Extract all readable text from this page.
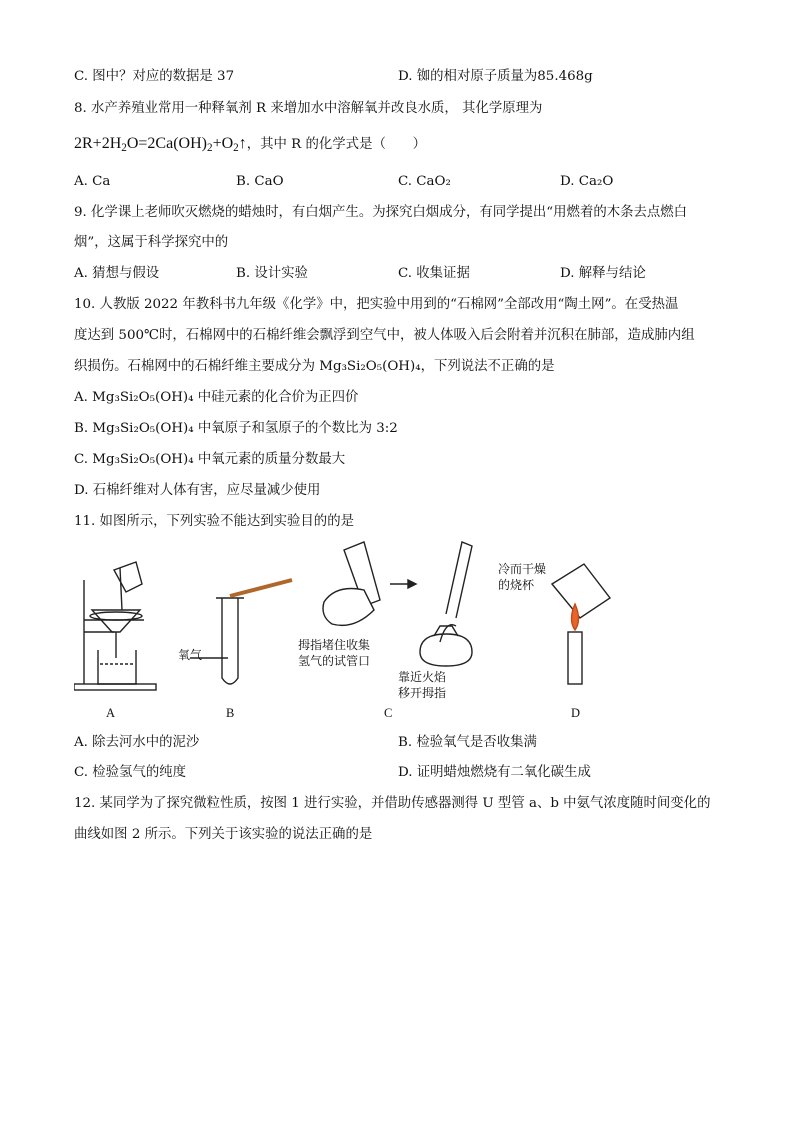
C. 图中？对应的数据是 37	D. 铷的相对原子质量为85.468g
8. 水产养殖业常用一种释氧剂 R 来增加水中溶解氧并改良水质， 其化学原理为
$2R+2H_2O=2Ca(OH)_2+O_2↑$，其中 R 的化学式是（　　）
A. Ca	B. CaO	C. CaO₂	D. Ca₂O
9. 化学课上老师吹灭燃烧的蜡烛时，有白烟产生。为探究白烟成分，有同学提出“用燃着的木条去点燃白
烟”，这属于科学探究中的
A. 猜想与假设	B. 设计实验	C. 收集证据	D. 解释与结论
10. 人教版 2022 年教科书九年级《化学》中，把实验中用到的“石棉网”全部改用“陶土网”。在受热温
度达到 500℃时，石棉网中的石棉纤维会飘浮到空气中，被人体吸入后会附着并沉积在肺部，造成肺内组
织损伤。石棉网中的石棉纤维主要成分为 Mg₃Si₂O₅(OH)₄，下列说法不正确的是
A. Mg₃Si₂O₅(OH)₄ 中硅元素的化合价为正四价
B. Mg₃Si₂O₅(OH)₄ 中氧原子和氢原子的个数比为 3:2
C. Mg₃Si₂O₅(OH)₄ 中氧元素的质量分数最大
D. 石棉纤维对人体有害，应尽量减少使用
11. 如图所示，下列实验不能达到实验目的的是
氧气
拇指堵住收集
氢气的试管口
靠近火焰
移开拇指
冷而干燥
的烧杯
A	B	C	D
A. 除去河水中的泥沙	B. 检验氧气是否收集满
C. 检验氢气的纯度	D. 证明蜡烛燃烧有二氧化碳生成
12. 某同学为了探究微粒性质，按图 1 进行实验，并借助传感器测得 U 型管 a、b 中氨气浓度随时间变化的
曲线如图 2 所示。下列关于该实验的说法正确的是
